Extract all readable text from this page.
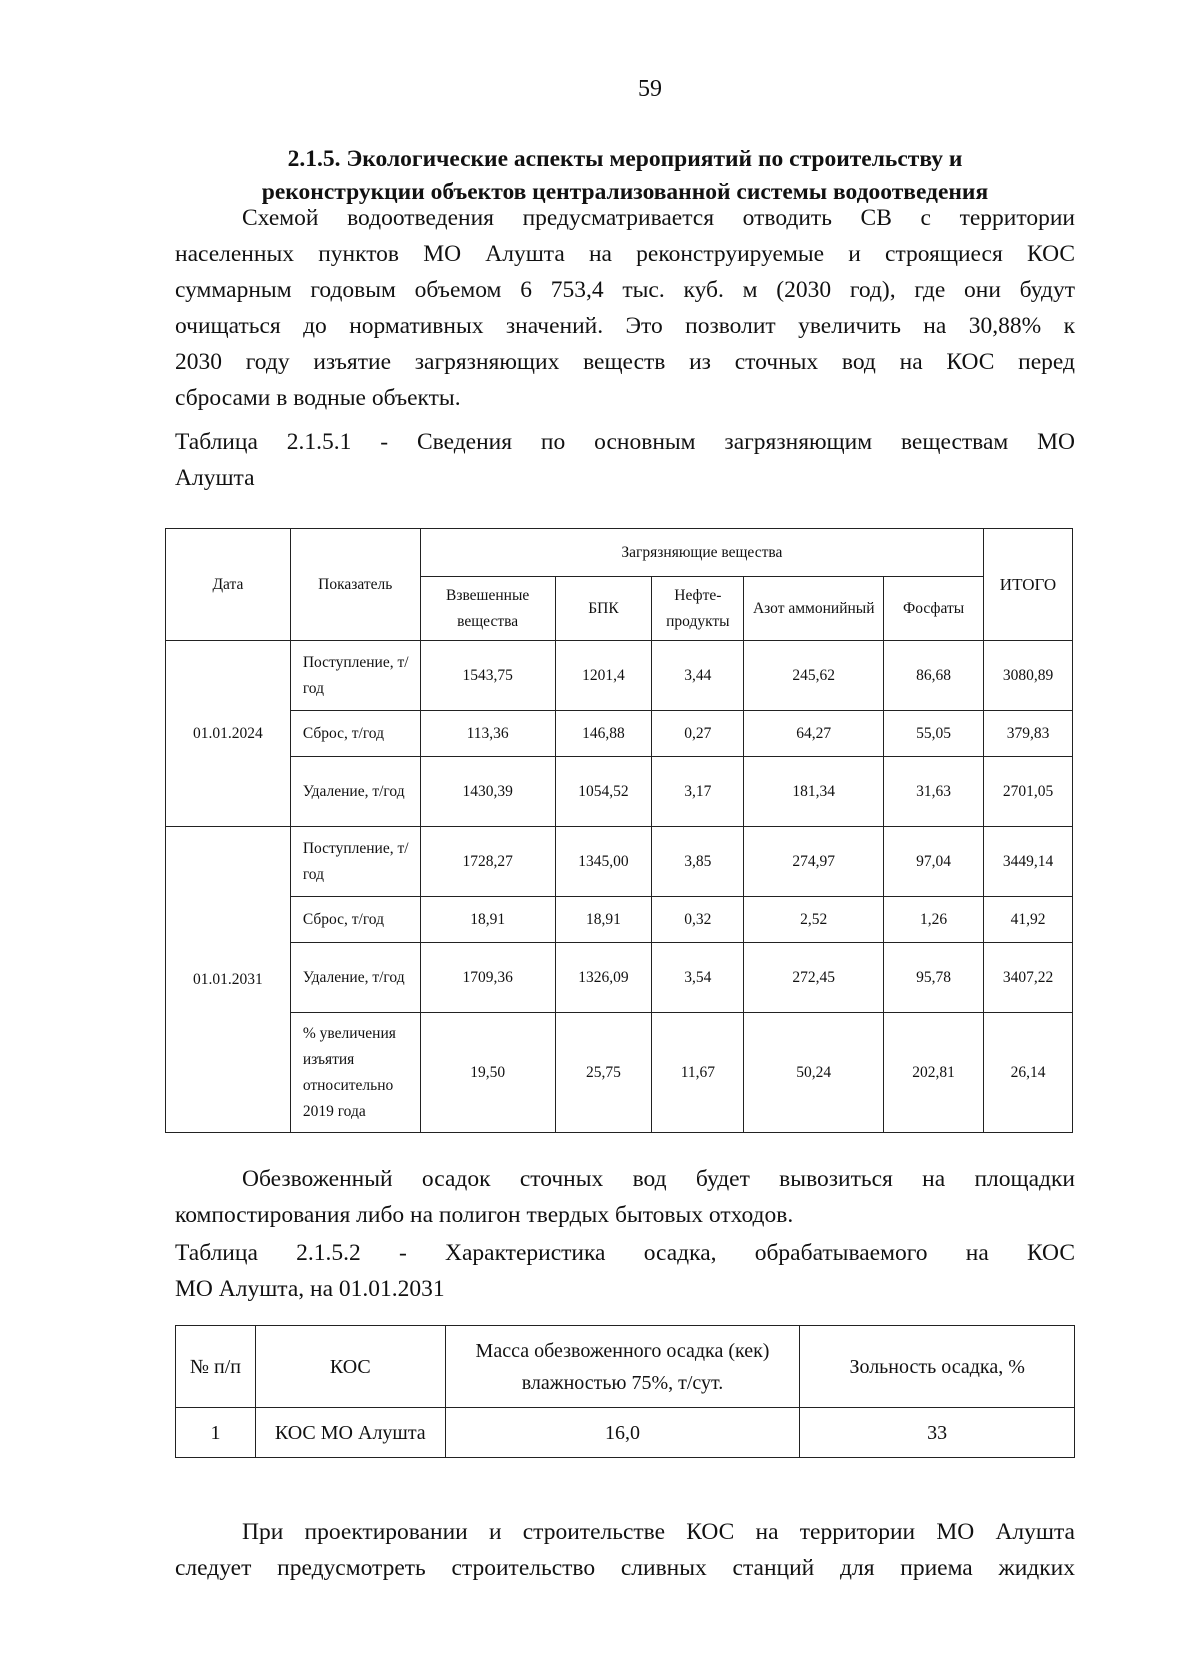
59
2.1.5. Экологические аспекты мероприятий по строительству и
реконструкции объектов централизованной системы водоотведения
Схемой водоотведения предусматривается отводить СВ с территории
населенных пунктов МО Алушта на реконструируемые и строящиеся КОС
суммарным годовым объемом 6 753,4 тыс. куб. м (2030 год), где они будут
очищаться до нормативных значений. Это позволит увеличить на 30,88% к
2030 году изъятие загрязняющих веществ из сточных вод на КОС перед
сбросами в водные объекты.
Таблица 2.1.5.1 - Сведения по основным загрязняющим веществам МО
Алушта
Дата	Показатель	Загрязняющие вещества					ИТОГО
		Взвешенные вещества	БПК	Нефте-продукты	Азот аммонийный	Фосфаты	
01.01.2024	Поступление, т/год	1543,75	1201,4	3,44	245,62	86,68	3080,89
	Сброс, т/год	113,36	146,88	0,27	64,27	55,05	379,83
	Удаление, т/год	1430,39	1054,52	3,17	181,34	31,63	2701,05
01.01.2031	Поступление, т/год	1728,27	1345,00	3,85	274,97	97,04	3449,14
	Сброс, т/год	18,91	18,91	0,32	2,52	1,26	41,92
	Удаление, т/год	1709,36	1326,09	3,54	272,45	95,78	3407,22
	% увеличения изъятия относительно 2019 года	19,50	25,75	11,67	50,24	202,81	26,14
Обезвоженный осадок сточных вод будет вывозиться на площадки
компостирования либо на полигон твердых бытовых отходов.
Таблица 2.1.5.2 - Характеристика осадка, обрабатываемого на КОС
МО Алушта, на 01.01.2031
№ п/п	КОС	Масса обезвоженного осадка (кек) влажностью 75%, т/сут.	Зольность осадка, %
1	КОС МО Алушта	16,0	33
При проектировании и строительстве КОС на территории МО Алушта
следует предусмотреть строительство сливных станций для приема жидких
